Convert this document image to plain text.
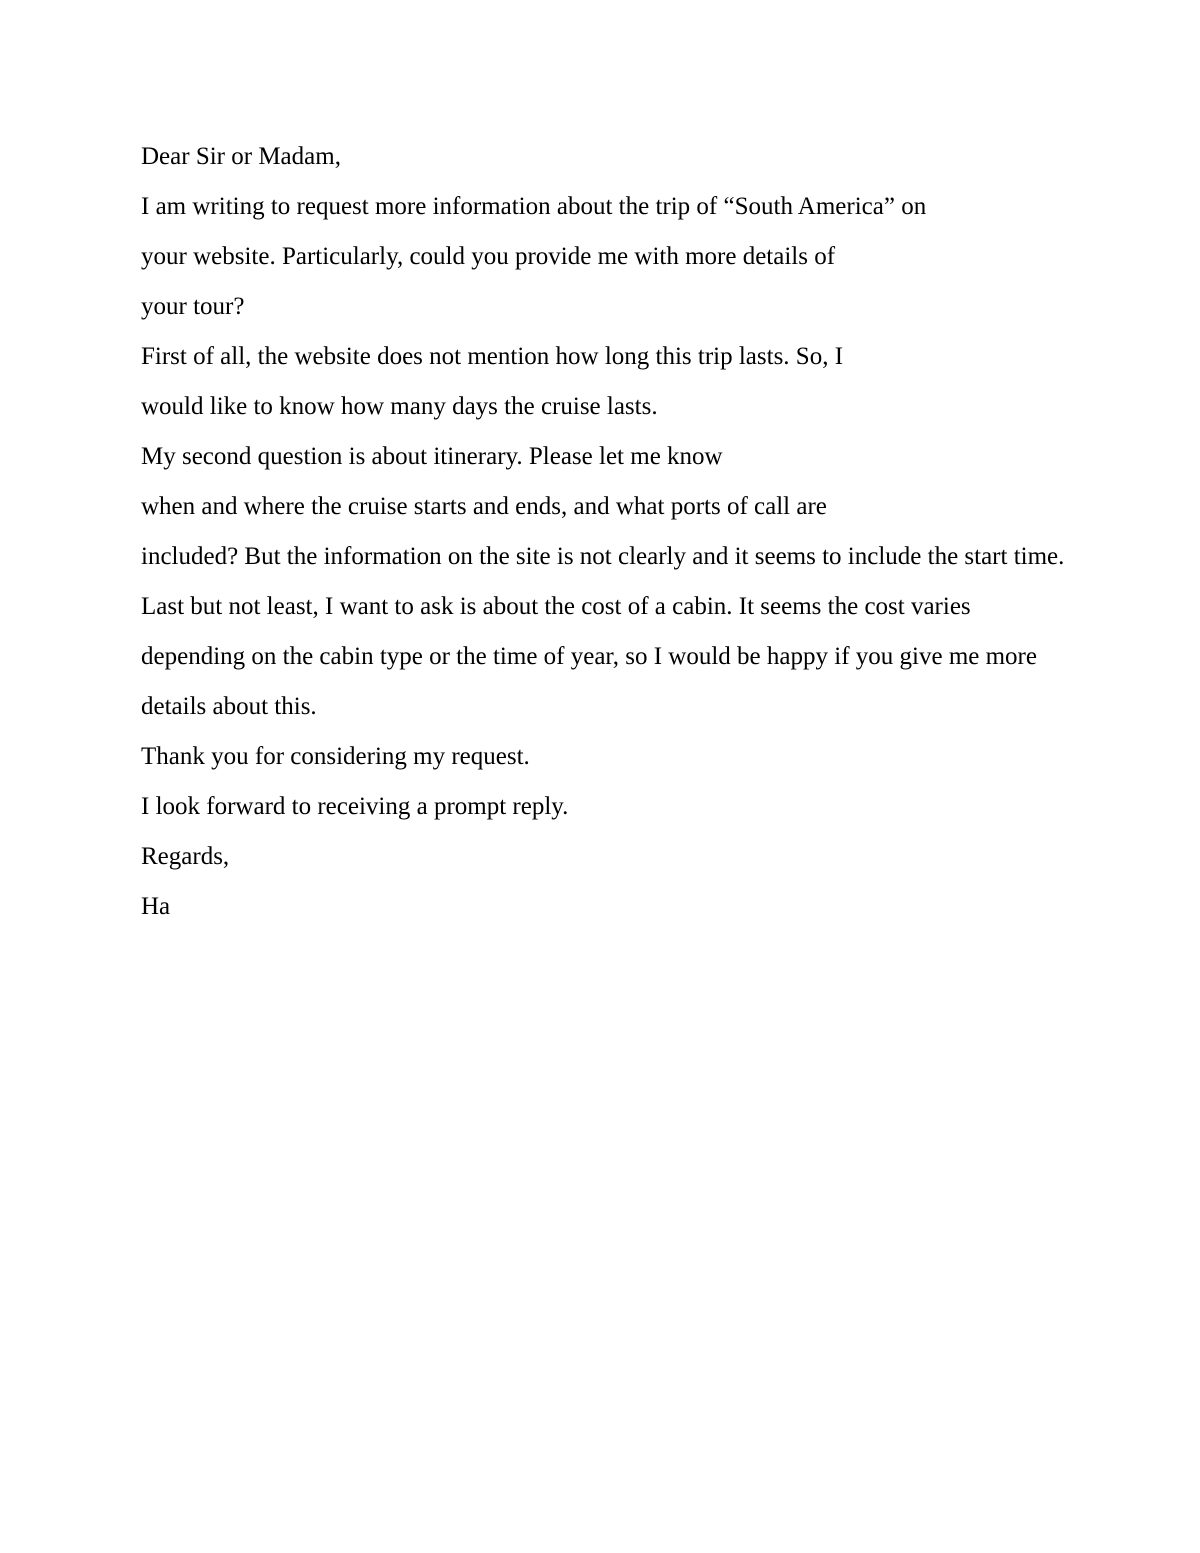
Dear Sir or Madam,

I am writing to request more information about the trip of “South America” on

your website. Particularly, could you provide me with more details of

your tour?

First of all, the website does not mention how long this trip lasts. So, I

would like to know how many days the cruise lasts.

My second question is about itinerary. Please let me know

when and where the cruise starts and ends, and what ports of call are

included? But the information on the site is not clearly and it seems to include the start time.

Last but not least, I want to ask is about the cost of a cabin. It seems the cost varies

depending on the cabin type or the time of year, so I would be happy if you give me more

details about this.

Thank you for considering my request.

I look forward to receiving a prompt reply.

Regards,

Ha
